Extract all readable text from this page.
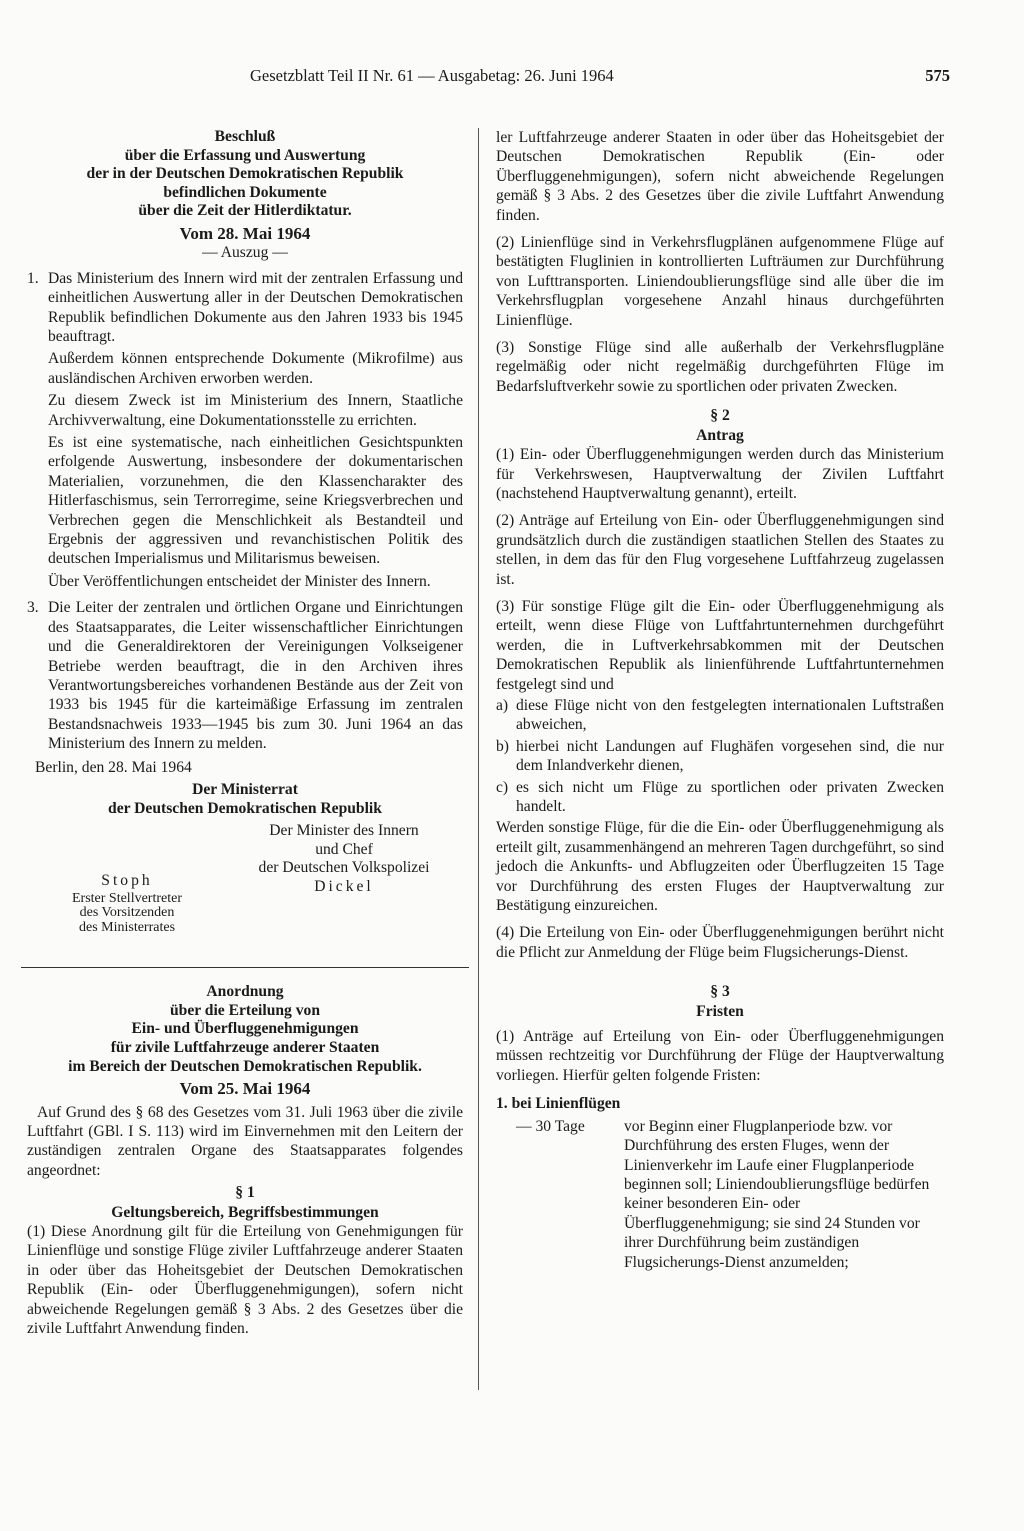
Gesetzblatt Teil II Nr. 61 — Ausgabetag: 26. Juni 1964	575
Beschluß
über die Erfassung und Auswertung
der in der Deutschen Demokratischen Republik
befindlichen Dokumente
über die Zeit der Hitlerdiktatur.
Vom 28. Mai 1964
— Auszug —
1. Das Ministerium des Innern wird mit der zentralen Erfassung und einheitlichen Auswertung aller in der Deutschen Demokratischen Republik befindlichen Dokumente aus den Jahren 1933 bis 1945 beauftragt.

Außerdem können entsprechende Dokumente (Mikrofilme) aus ausländischen Archiven erworben werden.

Zu diesem Zweck ist im Ministerium des Innern, Staatliche Archivverwaltung, eine Dokumentationsstelle zu errichten.

Es ist eine systematische, nach einheitlichen Gesichtspunkten erfolgende Auswertung, insbesondere der dokumentarischen Materialien, vorzunehmen, die den Klassencharakter des Hitlerfaschismus, sein Terrorregime, seine Kriegsverbrechen und Verbrechen gegen die Menschlichkeit als Bestandteil und Ergebnis der aggressiven und revanchistischen Politik des deutschen Imperialismus und Militarismus beweisen.

Über Veröffentlichungen entscheidet der Minister des Innern.

3. Die Leiter der zentralen und örtlichen Organe und Einrichtungen des Staatsapparates, die Leiter wissenschaftlicher Einrichtungen und die Generaldirektoren der Vereinigungen Volkseigener Betriebe werden beauftragt, die in den Archiven ihres Verantwortungsbereiches vorhandenen Bestände aus der Zeit von 1933 bis 1945 für die karteimäßige Erfassung im zentralen Bestandsnachweis 1933—1945 bis zum 30. Juni 1964 an das Ministerium des Innern zu melden.

Berlin, den 28. Mai 1964
Der Ministerrat
der Deutschen Demokratischen Republik
Der Minister des Innern
und Chef
der Deutschen Volkspolizei
Dickel
Stoph
Erster Stellvertreter
des Vorsitzenden
des Ministerrates
Anordnung
über die Erteilung von
Ein- und Überfluggenehmigungen
für zivile Luftfahrzeuge anderer Staaten
im Bereich der Deutschen Demokratischen Republik.
Vom 25. Mai 1964

Auf Grund des § 68 des Gesetzes vom 31. Juli 1963 über die zivile Luftfahrt (GBl. I S. 113) wird im Einvernehmen mit den Leitern der zuständigen zentralen Organe des Staatsapparates folgendes angeordnet:

§ 1
Geltungsbereich, Begriffsbestimmungen

(1) Diese Anordnung gilt für die Erteilung von Genehmigungen für Linienflüge und sonstige Flüge ziviler Luftfahrzeuge anderer Staaten in oder über das Hoheitsgebiet der Deutschen Demokratischen Republik (Ein- oder Überfluggenehmigungen), sofern nicht abweichende Regelungen gemäß § 3 Abs. 2 des Gesetzes über die zivile Luftfahrt Anwendung finden.

ler Luftfahrzeuge anderer Staaten in oder über das Hoheitsgebiet der Deutschen Demokratischen Republik (Ein- oder Überfluggenehmigungen), sofern nicht abweichende Regelungen gemäß § 3 Abs. 2 des Gesetzes über die zivile Luftfahrt Anwendung finden.

(2) Linienflüge sind in Verkehrsflugplänen aufgenommene Flüge auf bestätigten Fluglinien in kontrollierten Lufträumen zur Durchführung von Lufttransporten. Liniendoublierungsflüge sind alle über die im Verkehrsflugplan vorgesehene Anzahl hinaus durchgeführten Linienflüge.

(3) Sonstige Flüge sind alle außerhalb der Verkehrsflugpläne regelmäßig oder nicht regelmäßig durchgeführten Flüge im Bedarfsluftverkehr sowie zu sportlichen oder privaten Zwecken.

§ 2
Antrag

(1) Ein- oder Überfluggenehmigungen werden durch das Ministerium für Verkehrswesen, Hauptverwaltung der Zivilen Luftfahrt (nachstehend Hauptverwaltung genannt), erteilt.

(2) Anträge auf Erteilung von Ein- oder Überfluggenehmigungen sind grundsätzlich durch die zuständigen staatlichen Stellen des Staates zu stellen, in dem das für den Flug vorgesehene Luftfahrzeug zugelassen ist.

(3) Für sonstige Flüge gilt die Ein- oder Überfluggenehmigung als erteilt, wenn diese Flüge von Luftfahrtunternehmen durchgeführt werden, die in Luftverkehrsabkommen mit der Deutschen Demokratischen Republik als linienführende Luftfahrtunternehmen festgelegt sind und

a) diese Flüge nicht von den festgelegten internationalen Luftstraßen abweichen,
b) hierbei nicht Landungen auf Flughäfen vorgesehen sind, die nur dem Inlandverkehr dienen,
c) es sich nicht um Flüge zu sportlichen oder privaten Zwecken handelt.

Werden sonstige Flüge, für die die Ein- oder Überfluggenehmigung als erteilt gilt, zusammenhängend an mehreren Tagen durchgeführt, so sind jedoch die Ankunfts- und Abflugzeiten oder Überflugzeiten 15 Tage vor Durchführung des ersten Fluges der Hauptverwaltung zur Bestätigung einzureichen.

(4) Die Erteilung von Ein- oder Überfluggenehmigungen berührt nicht die Pflicht zur Anmeldung der Flüge beim Flugsicherungs-Dienst.

§ 3
Fristen

(1) Anträge auf Erteilung von Ein- oder Überfluggenehmigungen müssen rechtzeitig vor Durchführung der Flüge der Hauptverwaltung vorliegen. Hierfür gelten folgende Fristen:

1. bei Linienflügen
— 30 Tage	vor Beginn einer Flugplanperiode bzw. vor Durchführung des ersten Fluges, wenn der Linienverkehr im Laufe einer Flugplanperiode beginnen soll; Liniendoublierungsflüge bedürfen keiner besonderen Ein- oder Überfluggenehmigung; sie sind 24 Stunden vor ihrer Durchführung beim zuständigen Flugsicherungs-Dienst anzumelden;
